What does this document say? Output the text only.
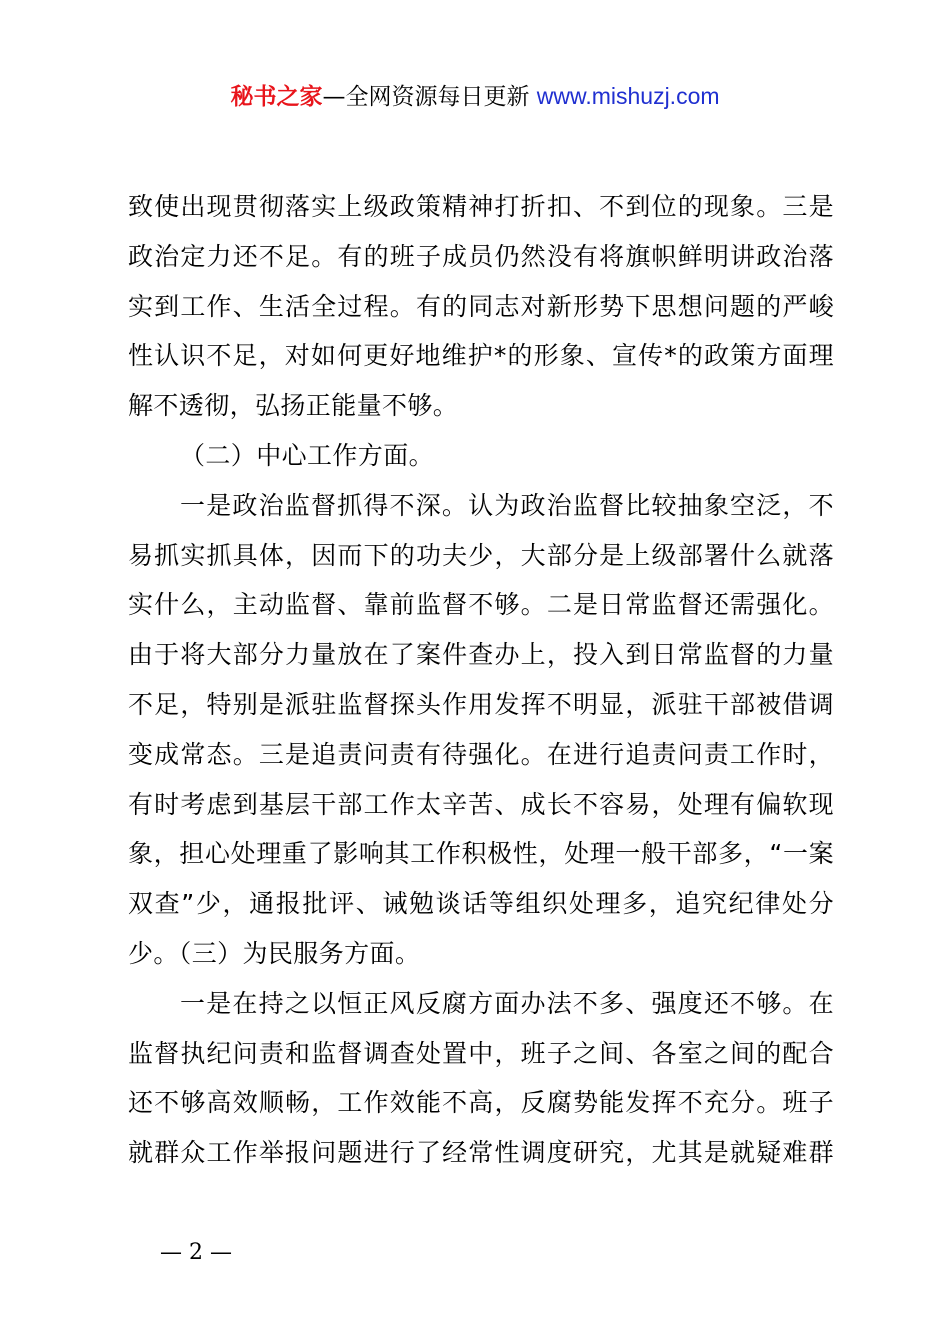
秘书之家—全网资源每日更新 www.mishuzj.com

致使出现贯彻落实上级政策精神打折扣、不到位的现象。三是政治定力还不足。有的班子成员仍然没有将旗帜鲜明讲政治落实到工作、生活全过程。有的同志对新形势下思想问题的严峻性认识不足，对如何更好地维护*的形象、宣传*的政策方面理解不透彻，弘扬正能量不够。

（二）中心工作方面。

一是政治监督抓得不深。认为政治监督比较抽象空泛，不易抓实抓具体，因而下的功夫少，大部分是上级部署什么就落实什么，主动监督、靠前监督不够。二是日常监督还需强化。由于将大部分力量放在了案件查办上，投入到日常监督的力量不足，特别是派驻监督探头作用发挥不明显，派驻干部被借调变成常态。三是追责问责有待强化。在进行追责问责工作时，有时考虑到基层干部工作太辛苦、成长不容易，处理有偏软现象，担心处理重了影响其工作积极性，处理一般干部多，“一案双查”少，通报批评、诫勉谈话等组织处理多，追究纪律处分少。（三）为民服务方面。

一是在持之以恒正风反腐方面办法不多、强度还不够。在监督执纪问责和监督调查处置中，班子之间、各室之间的配合还不够高效顺畅，工作效能不高，反腐势能发挥不充分。班子就群众工作举报问题进行了经常性调度研究，尤其是就疑难群

— 2 —
